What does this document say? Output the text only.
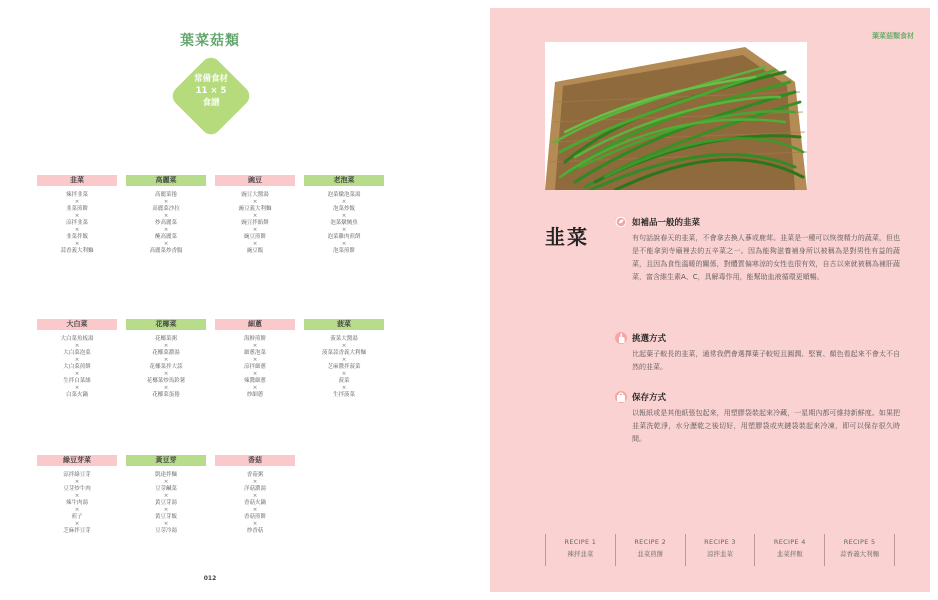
葉菜菇類
常備食材
11 × 5
食譜
韭菜
辣拌韭菜
×
韭菜煎餅
×
涼拌韭菜
×
韭菜拌飯
×
蒜香義大利麵
高麗菜
高麗菜捲
×
高麗菜沙拉
×
炒高麗菜
×
醃高麗菜
×
高麗菜炒香腸
豌豆
豌豆大醬湯
×
豌豆義大利麵
×
豌豆拌餡餅
×
豌豆煎餅
×
豌豆飯
老泡菜
泡菜燉泡菜湯
×
泡菜炒飯
×
泡菜燉鮪魚
×
泡菜雞肉煎餅
×
泡菜煎餅
大白菜
大白菜魚板湯
×
大白菜泡菜
×
大白菜煎餅
×
生拌白菜絲
×
白菜火鍋
花椰菜
花椰菜粥
×
花椰菜濃湯
×
花椰菜拌大蒜
×
花椰菜炒馬鈴薯
×
花椰菜蛋捲
細蔥
海鮮煎餅
×
細蔥泡菜
×
涼拌細蔥
×
辣醬細蔥
×
炒細蔥
菠菜
菠菜大醬湯
×
菠菜蒜香義大利麵
×
芝麻醬拌菠菜
×
菠菜
×
生拌菠菜
綠豆芽菜
涼拌綠豆芽
×
豆芽炒牛肉
×
辣牛肉湯
×
煎子
×
芝麻拌豆芽
黃豆芽
凱達拌麵
×
豆芽鹹菜
×
黃豆芽湯
×
黃豆芽飯
×
豆芽冷湯
香菇
香菇粥
×
洋菇濃湯
×
香菇火鍋
×
香菇煎餅
×
炒香菇
012
葉菜菇類食材
韭菜
如補品一般的韭菜
有句話說春天的韭菜，不會拿去換人蔘或鹿茸。韭菜是一種可以恢復精力的蔬菜，但也是不能拿到寺廟裡去的五辛菜之一。因為能夠滋養補身所以被稱為是對男性有益的蔬菜，且因為食性溫暖的關係，對體質偏寒涼的女性也很有效，自古以來就被稱為補肝蔬菜，富含維生素A、C，具解毒作用，能幫助血液循環更順暢。
挑選方式
比起葉子較長的韭菜，通常我們會選擇葉子較短且圓潤、堅實、顏色看起來不會太不自然的韭菜。
保存方式
以報紙或是其他紙張包起來，用塑膠袋裝起來冷藏，一星期內都可維持新鮮度。如果把韭菜洗乾淨，水分瀝乾之後切好，用塑膠袋或夾鏈袋裝起來冷凍，即可以保存很久時間。
RECIPE 1
辣拌韭菜
RECIPE 2
韭菜煎餅
RECIPE 3
涼拌韭菜
RECIPE 4
韭菜拌飯
RECIPE 5
蒜香義大利麵
